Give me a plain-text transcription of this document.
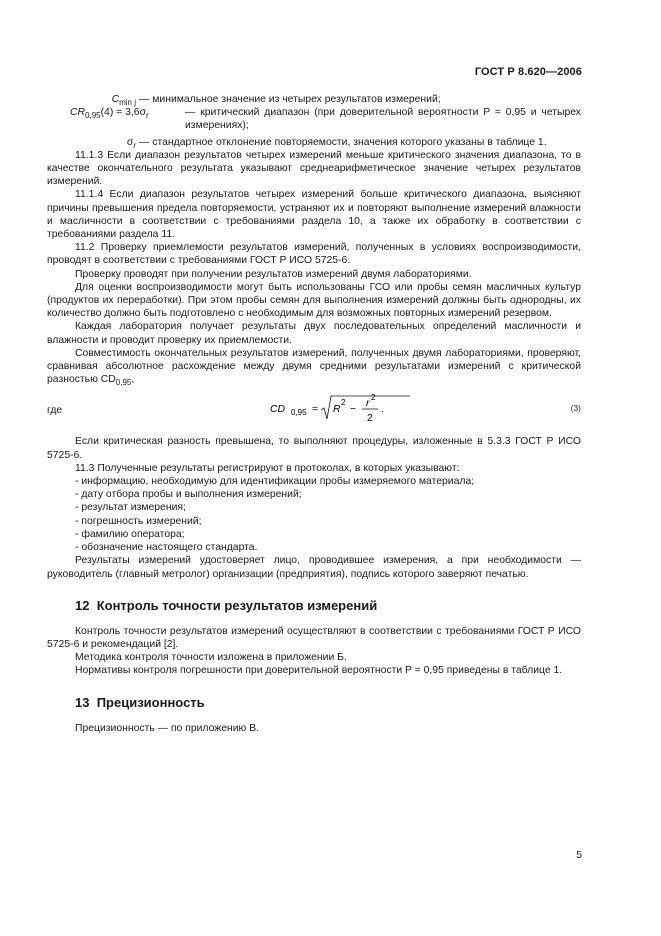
ГОСТ Р 8.620—2006

$C_{min j}$ — минимальное значение из четырех результатов измерений;

$CR_{0,95}(4) = 3,6\sigma_r$	— критический диапазон (при доверительной вероятности P = 0,95 и четырех измерениях);

$\sigma_r$ — стандартное отклонение повторяемости, значения которого указаны в таблице 1.

11.1.3 Если диапазон результатов четырех измерений меньше критического значения диапазона, то в качестве окончательного результата указывают среднеарифметическое значение четырех результатов измерений.

11.1.4 Если диапазон результатов четырех измерений больше критического диапазона, выясняют причины превышения предела повторяемости, устраняют их и повторяют выполнение измерений влажности и масличности в соответствии с требованиями раздела 10, а также их обработку в соответствии с требованиями раздела 11.

11.2 Проверку приемлемости результатов измерений, полученных в условиях воспроизводимости, проводят в соответствии с требованиями ГОСТ Р ИСО 5725-6.

Проверку проводят при получении результатов измерений двумя лабораториями.

Для оценки воспроизводимости могут быть использованы ГСО или пробы семян масличных культур (продуктов их переработки). При этом пробы семян для выполнения измерений должны быть однородны, их количество должно быть подготовлено с необходимым для возможных повторных измерений резервом.

Каждая лаборатория получает результаты двух последовательных определений масличности и влажности и проводит проверку их приемлемости.

Совместимость окончательных результатов измерений, полученных двумя лабораториями, проверяют, сравнивая абсолютное расхождение между двумя средними результатами измерений с критической разностью $CD_{0,95}$,

где	CD 0,95 = R
2
−
r
2
2
.	(3)

Если критическая разность превышена, то выполняют процедуры, изложенные в 5.3.3 ГОСТ Р ИСО 5725-6.

11.3 Полученные результаты регистрируют в протоколах, в которых указывают:

- информацию, необходимую для идентификации пробы измеряемого материала;
- дату отбора пробы и выполнения измерений;
- результат измерения;
- погрешность измерений;
- фамилию оператора;
- обозначение настоящего стандарта.

Результаты измерений удостоверяет лицо, проводившее измерения, а при необходимости — руководитель (главный метролог) организации (предприятия), подпись которого заверяют печатью.

12 Контроль точности результатов измерений

Контроль точности результатов измерений осуществляют в соответствии с требованиями ГОСТ Р ИСО 5725-6 и рекомендаций [2].

Методика контроля точности изложена в приложении Б.

Нормативы контроля погрешности при доверительной вероятности P = 0,95 приведены в таблице 1.

13 Прецизионность

Прецизионность — по приложению В.

5
